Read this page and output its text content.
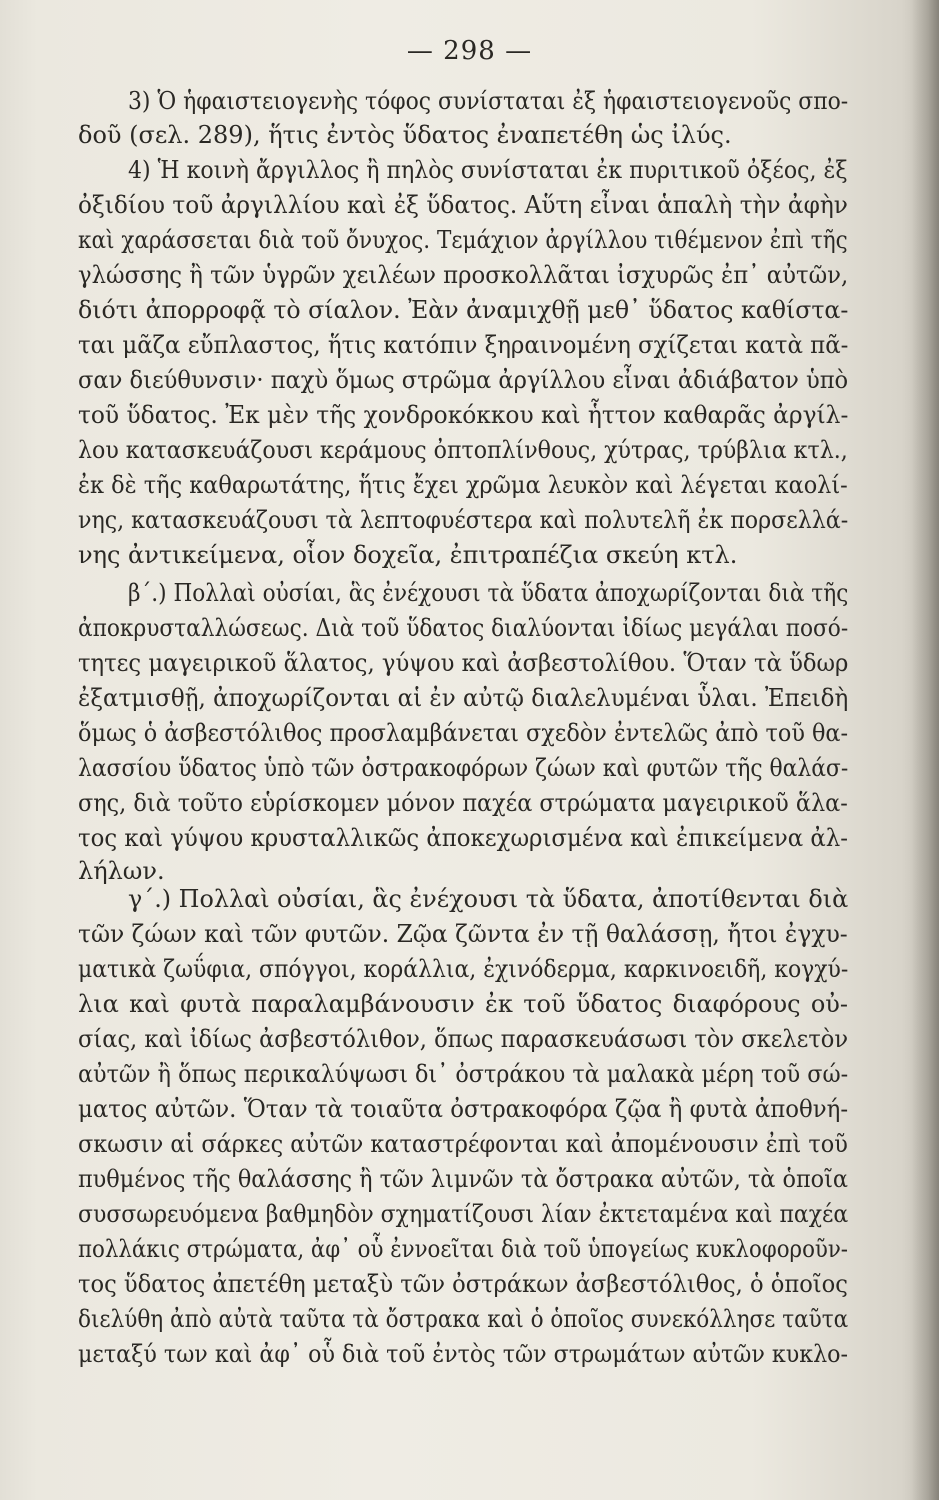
— 298 —
3) Ὁ ἡφαιστειογενὴς τόφος συνίσταται ἐξ ἡφαιστειογενοῦς σπο-
δοῦ (σελ. 289), ἥτις ἐντὸς ὕδατος ἐναπετέθη ὡς ἰλύς.
4) Ἡ κοινὴ ἄργιλλος ἢ πηλὸς συνίσταται ἐκ πυριτικοῦ ὀξέος, ἐξ
ὀξιδίου τοῦ ἀργιλλίου καὶ ἐξ ὕδατος. Αὕτη εἶναι ἁπαλὴ τὴν ἀφὴν
καὶ χαράσσεται διὰ τοῦ ὄνυχος. Τεμάχιον ἀργίλλου τιθέμενον ἐπὶ τῆς
γλώσσης ἢ τῶν ὑγρῶν χειλέων προσκολλᾶται ἰσχυρῶς ἐπ᾽ αὐτῶν,
διότι ἀπορροφᾷ τὸ σίαλον. Ἐὰν ἀναμιχθῇ μεθ᾽ ὕδατος καθίστα-
ται μᾶζα εὔπλαστος, ἥτις κατόπιν ξηραινομένη σχίζεται κατὰ πᾶ-
σαν διεύθυνσιν· παχὺ ὅμως στρῶμα ἀργίλλου εἶναι ἀδιάβατον ὑπὸ
τοῦ ὕδατος. Ἐκ μὲν τῆς χονδροκόκκου καὶ ἧττον καθαρᾶς ἀργίλ-
λου κατασκευάζουσι κεράμους ὀπτοπλίνθους, χύτρας, τρύβλια κτλ.,
ἐκ δὲ τῆς καθαρωτάτης, ἥτις ἔχει χρῶμα λευκὸν καὶ λέγεται καολί-
νης, κατασκευάζουσι τὰ λεπτοφυέστερα καὶ πολυτελῆ ἐκ πορσελλά-
νης ἀντικείμενα, οἷον δοχεῖα, ἐπιτραπέζια σκεύη κτλ.
β´.) Πολλαὶ οὐσίαι, ἃς ἐνέχουσι τὰ ὕδατα ἀποχωρίζονται διὰ τῆς
ἀποκρυσταλλώσεως. Διὰ τοῦ ὕδατος διαλύονται ἰδίως μεγάλαι ποσό-
τητες μαγειρικοῦ ἅλατος, γύψου καὶ ἀσβεστολίθου. Ὅταν τὰ ὕδωρ
ἐξατμισθῇ, ἀποχωρίζονται αἱ ἐν αὐτῷ διαλελυμέναι ὗλαι. Ἐπειδὴ
ὅμως ὁ ἀσβεστόλιθος προσλαμβάνεται σχεδὸν ἐντελῶς ἀπὸ τοῦ θα-
λασσίου ὕδατος ὑπὸ τῶν ὀστρακοφόρων ζώων καὶ φυτῶν τῆς θαλάσ-
σης, διὰ τοῦτο εὑρίσκομεν μόνον παχέα στρώματα μαγειρικοῦ ἅλα-
τος καὶ γύψου κρυσταλλικῶς ἀποκεχωρισμένα καὶ ἐπικείμενα ἀλ-
λήλων.
γ´.) Πολλαὶ οὐσίαι, ἃς ἐνέχουσι τὰ ὕδατα, ἀποτίθενται διὰ
τῶν ζώων καὶ τῶν φυτῶν. Ζῷα ζῶντα ἐν τῇ θαλάσσῃ, ἤτοι ἐγχυ-
ματικὰ ζωΰφια, σπόγγοι, κοράλλια, ἐχινόδερμα, καρκινοειδῆ, κογχύ-
λια καὶ φυτὰ παραλαμβάνουσιν ἐκ τοῦ ὕδατος διαφόρους οὐ-
σίας, καὶ ἰδίως ἀσβεστόλιθον, ὅπως παρασκευάσωσι τὸν σκελετὸν
αὐτῶν ἢ ὅπως περικαλύψωσι δι᾽ ὀστράκου τὰ μαλακὰ μέρη τοῦ σώ-
ματος αὐτῶν. Ὅταν τὰ τοιαῦτα ὀστρακοφόρα ζῷα ἢ φυτὰ ἀποθνή-
σκωσιν αἱ σάρκες αὐτῶν καταστρέφονται καὶ ἀπομένουσιν ἐπὶ τοῦ
πυθμένος τῆς θαλάσσης ἢ τῶν λιμνῶν τὰ ὄστρακα αὐτῶν, τὰ ὁποῖα
συσσωρευόμενα βαθμηδὸν σχηματίζουσι λίαν ἐκτεταμένα καὶ παχέα
πολλάκις στρώματα, ἀφ᾽ οὗ ἐννοεῖται διὰ τοῦ ὑπογείως κυκλοφοροῦν-
τος ὕδατος ἀπετέθη μεταξὺ τῶν ὀστράκων ἀσβεστόλιθος, ὁ ὁποῖος
διελύθη ἀπὸ αὐτὰ ταῦτα τὰ ὄστρακα καὶ ὁ ὁποῖος συνεκόλλησε ταῦτα
μεταξύ των καὶ ἀφ᾽ οὗ διὰ τοῦ ἐντὸς τῶν στρωμάτων αὐτῶν κυκλο-
